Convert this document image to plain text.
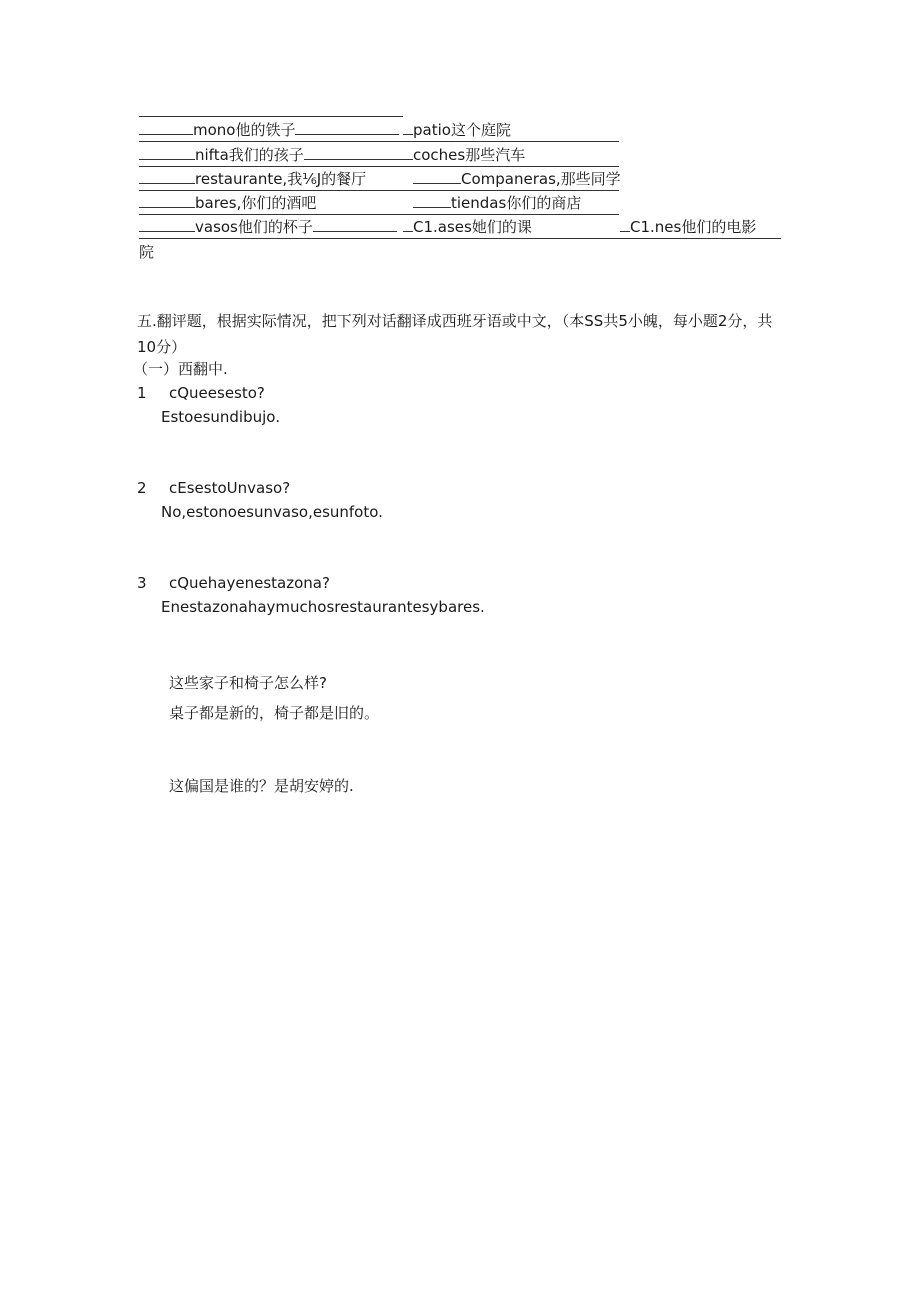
mono他的铁子	patio这个庭院
nifta我们的孩子	coches那些汽车
restaurante,我⅙J的餐厅	Companeras,那些同学
bares,你们的酒吧	tiendas你们的商店
vasos他们的杯子	C1.ases她们的课	C1.nes他们的电影
院
五.翻评题，根据实际情况，把下列对话翻译成西班牙语或中文，（本SS共5小魄，每小题2分，共10分）
（一）西翻中.
1 cQueesesto?
Estoesundibujo.
2 cEsestoUnvaso?
No,estonoesunvaso,esunfoto.
3 cQuehayenestazona?
Enestazonahaymuchosrestaurantesybares.
这些家子和椅子怎么样?
桌子都是新的，椅子都是旧的。
这偏国是谁的？是胡安婷的.
